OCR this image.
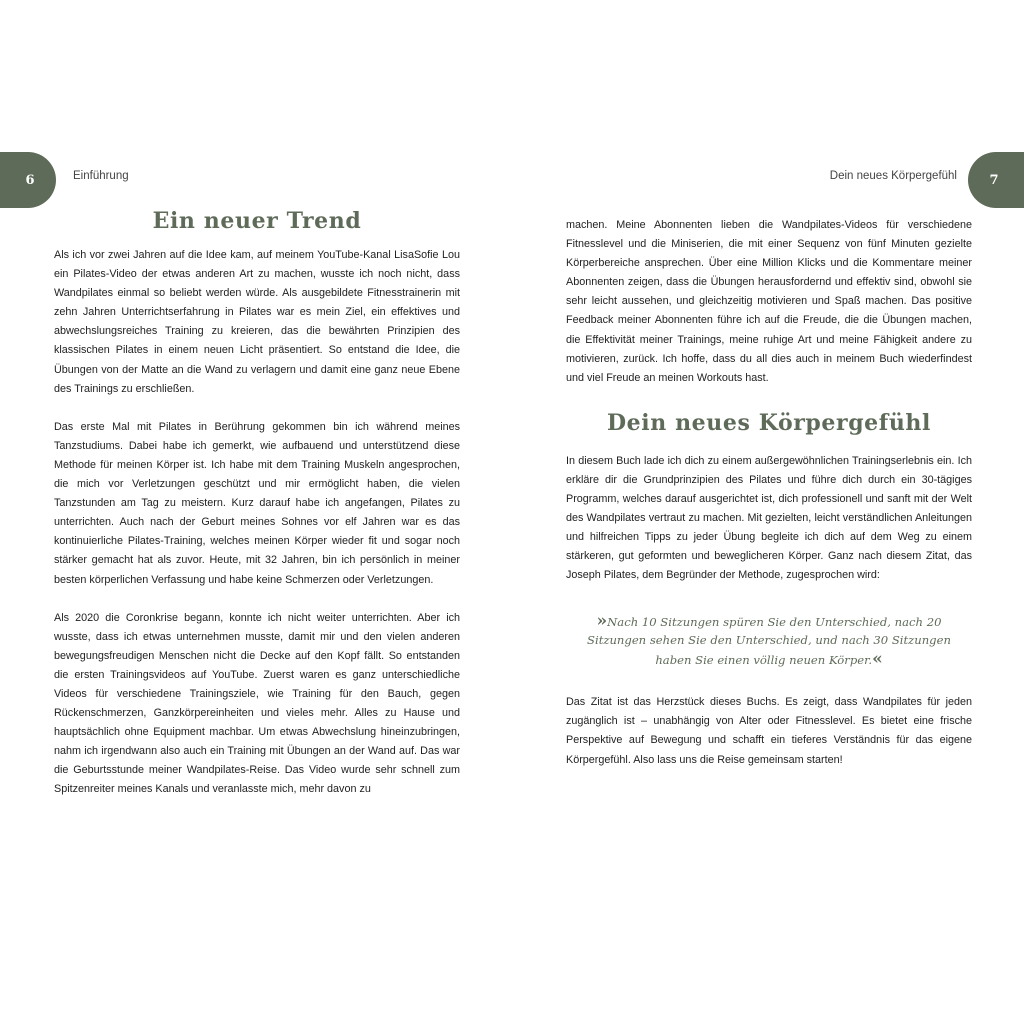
6	Einführung
Ein neuer Trend

Als ich vor zwei Jahren auf die Idee kam, auf meinem YouTube-Kanal LisaSofie Lou ein Pilates-Video der etwas anderen Art zu machen, wusste ich noch nicht, dass Wandpilates einmal so beliebt werden würde. Als ausgebildete Fitnesstrainerin mit zehn Jahren Unterrichtserfahrung in Pilates war es mein Ziel, ein effektives und abwechslungsreiches Training zu kreieren, das die bewährten Prinzipien des klassischen Pilates in einem neuen Licht präsentiert. So entstand die Idee, die Übungen von der Matte an die Wand zu verlagern und damit eine ganz neue Ebene des Trainings zu erschließen.

Das erste Mal mit Pilates in Berührung gekommen bin ich während meines Tanzstudiums. Dabei habe ich gemerkt, wie aufbauend und unterstützend diese Methode für meinen Körper ist. Ich habe mit dem Training Muskeln angesprochen, die mich vor Verletzungen geschützt und mir ermöglicht haben, die vielen Tanzstunden am Tag zu meistern. Kurz darauf habe ich angefangen, Pilates zu unterrichten. Auch nach der Geburt meines Sohnes vor elf Jahren war es das kontinuierliche Pilates-Training, welches meinen Körper wieder fit und sogar noch stärker gemacht hat als zuvor. Heute, mit 32 Jahren, bin ich persönlich in meiner besten körperlichen Verfassung und habe keine Schmerzen oder Verletzungen.

Als 2020 die Coronkrise begann, konnte ich nicht weiter unterrichten. Aber ich wusste, dass ich etwas unternehmen musste, damit mir und den vielen anderen bewegungsfreudigen Menschen nicht die Decke auf den Kopf fällt. So entstanden die ersten Trainingsvideos auf YouTube. Zuerst waren es ganz unterschiedliche Videos für verschiedene Trainingsziele, wie Training für den Bauch, gegen Rückenschmerzen, Ganzkörpereinheiten und vieles mehr. Alles zu Hause und hauptsächlich ohne Equipment machbar. Um etwas Abwechslung hineinzubringen, nahm ich irgendwann also auch ein Training mit Übungen an der Wand auf. Das war die Geburtsstunde meiner Wandpilates-Reise. Das Video wurde sehr schnell zum Spitzenreiter meines Kanals und veranlasste mich, mehr davon zu

7
Dein neues Körpergefühl

machen. Meine Abonnenten lieben die Wandpilates-Videos für verschiedene Fitnesslevel und die Miniserien, die mit einer Sequenz von fünf Minuten gezielte Körperbereiche ansprechen. Über eine Million Klicks und die Kommentare meiner Abonnenten zeigen, dass die Übungen herausfordernd und effektiv sind, obwohl sie sehr leicht aussehen, und gleichzeitig motivieren und Spaß machen. Das positive Feedback meiner Abonnenten führe ich auf die Freude, die die Übungen machen, die Effektivität meiner Trainings, meine ruhige Art und meine Fähigkeit andere zu motivieren, zurück. Ich hoffe, dass du all dies auch in meinem Buch wiederfindest und viel Freude an meinen Workouts hast.

Dein neues Körpergefühl

In diesem Buch lade ich dich zu einem außergewöhnlichen Trainingserlebnis ein. Ich erkläre dir die Grundprinzipien des Pilates und führe dich durch ein 30-tägiges Programm, welches darauf ausgerichtet ist, dich professionell und sanft mit der Welt des Wandpilates vertraut zu machen. Mit gezielten, leicht verständlichen Anleitungen und hilfreichen Tipps zu jeder Übung begleite ich dich auf dem Weg zu einem stärkeren, gut geformten und beweglicheren Körper. Ganz nach diesem Zitat, das Joseph Pilates, dem Begründer der Methode, zugesprochen wird:

»Nach 10 Sitzungen spüren Sie den Unterschied, nach 20 Sitzungen sehen Sie den Unterschied, und nach 30 Sitzungen haben Sie einen völlig neuen Körper.«

Das Zitat ist das Herzstück dieses Buchs. Es zeigt, dass Wandpilates für jeden zugänglich ist – unabhängig von Alter oder Fitnesslevel. Es bietet eine frische Perspektive auf Bewegung und schafft ein tieferes Verständnis für das eigene Körpergefühl. Also lass uns die Reise gemeinsam starten!
